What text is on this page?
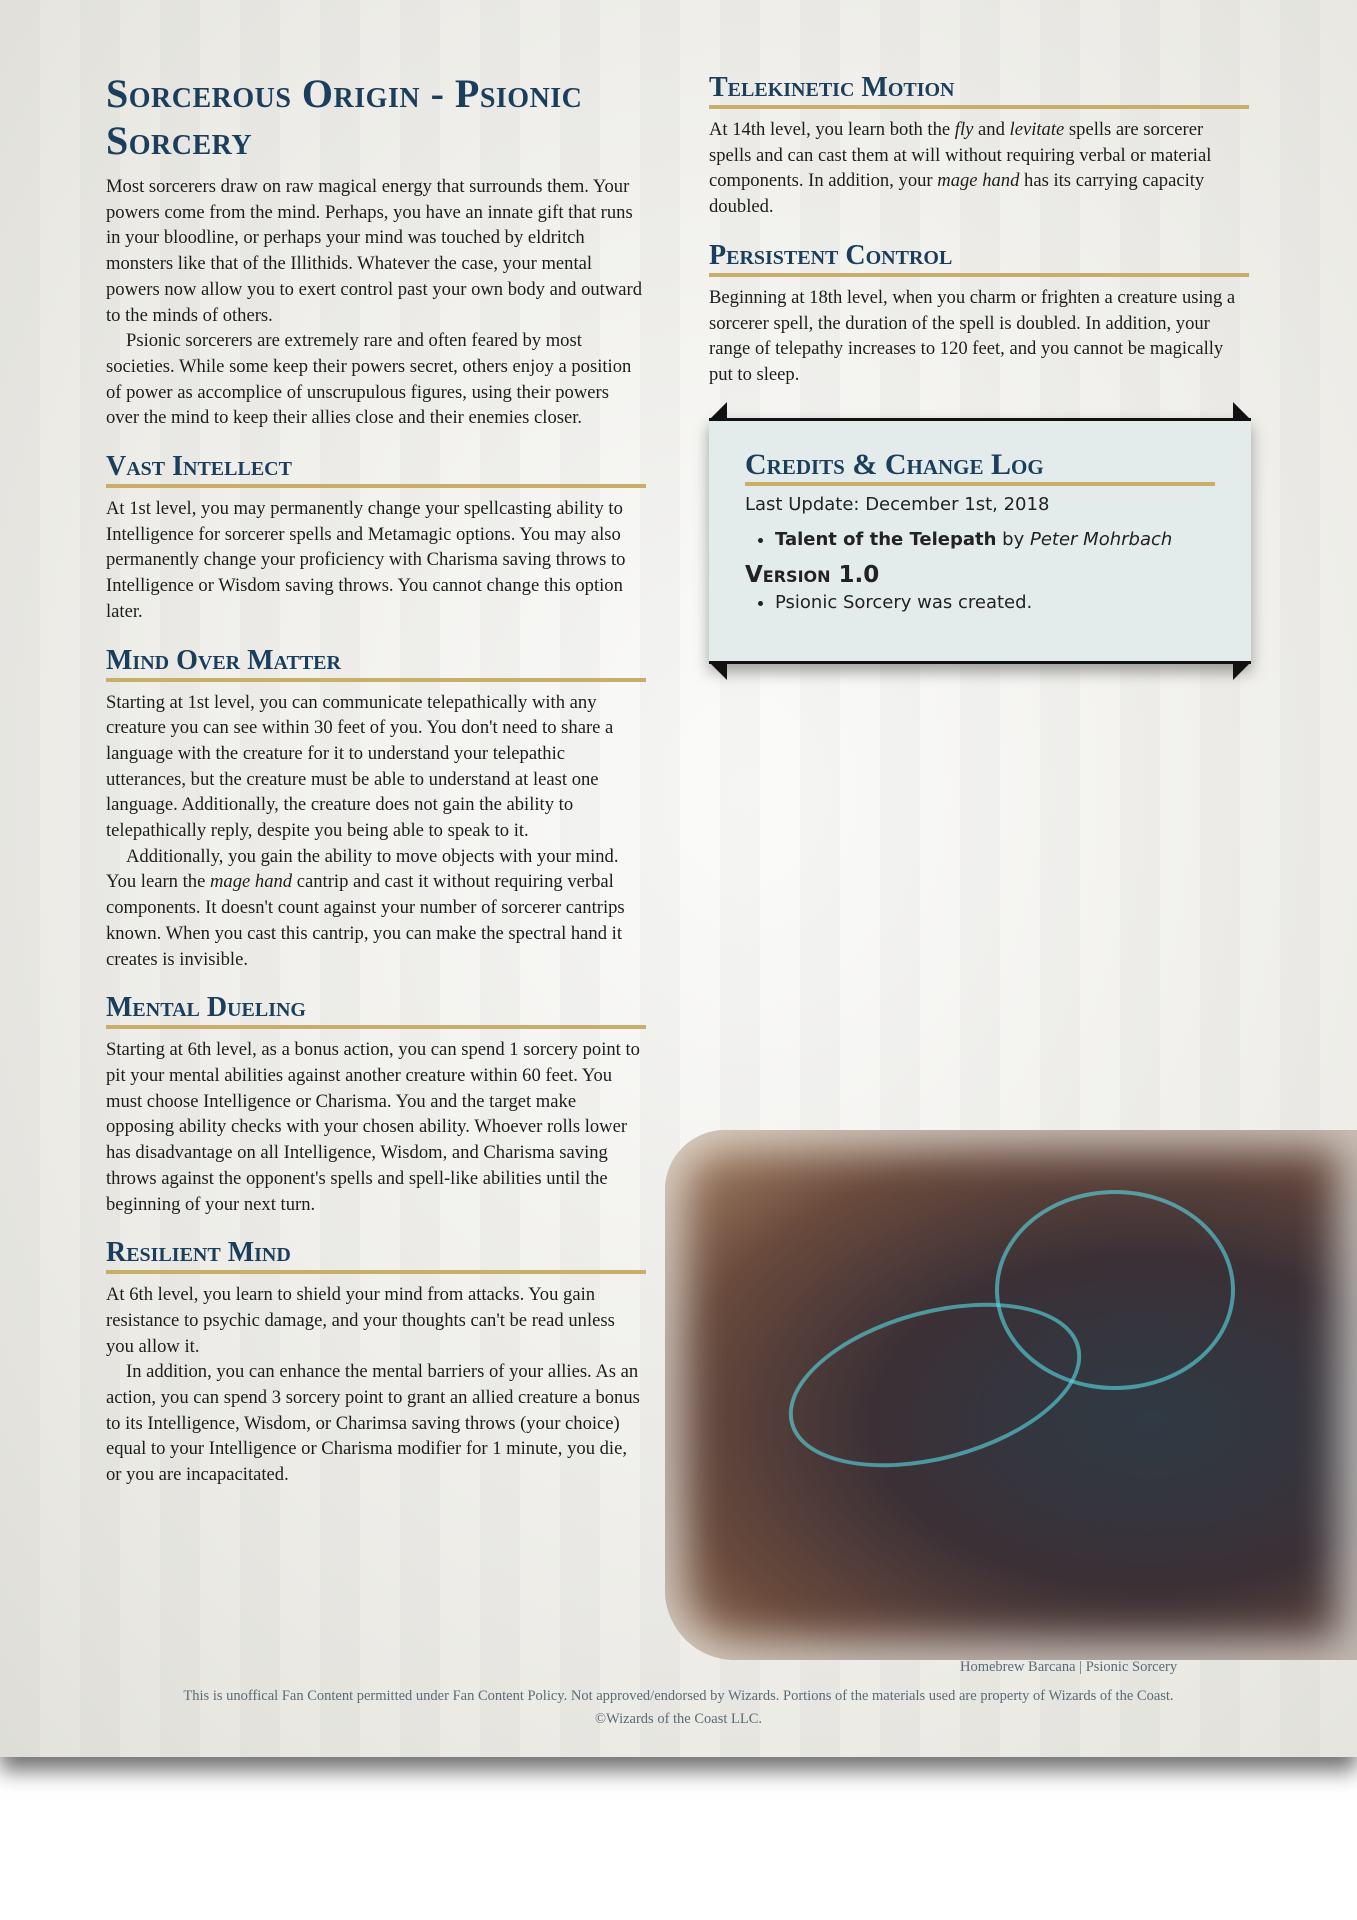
Sorcerous Origin - Psionic Sorcery

Most sorcerers draw on raw magical energy that surrounds them. Your powers come from the mind. Perhaps, you have an innate gift that runs in your bloodline, or perhaps your mind was touched by eldritch monsters like that of the Illithids. Whatever the case, your mental powers now allow you to exert control past your own body and outward to the minds of others.

Psionic sorcerers are extremely rare and often feared by most societies. While some keep their powers secret, others enjoy a position of power as accomplice of unscrupulous figures, using their powers over the mind to keep their allies close and their enemies closer.

Vast Intellect

At 1st level, you may permanently change your spellcasting ability to Intelligence for sorcerer spells and Metamagic options. You may also permanently change your proficiency with Charisma saving throws to Intelligence or Wisdom saving throws. You cannot change this option later.

Mind Over Matter

Starting at 1st level, you can communicate telepathically with any creature you can see within 30 feet of you. You don't need to share a language with the creature for it to understand your telepathic utterances, but the creature must be able to understand at least one language. Additionally, the creature does not gain the ability to telepathically reply, despite you being able to speak to it.

Additionally, you gain the ability to move objects with your mind. You learn the mage hand cantrip and cast it without requiring verbal components. It doesn't count against your number of sorcerer cantrips known. When you cast this cantrip, you can make the spectral hand it creates is invisible.

Mental Dueling

Starting at 6th level, as a bonus action, you can spend 1 sorcery point to pit your mental abilities against another creature within 60 feet. You must choose Intelligence or Charisma. You and the target make opposing ability checks with your chosen ability. Whoever rolls lower has disadvantage on all Intelligence, Wisdom, and Charisma saving throws against the opponent's spells and spell-like abilities until the beginning of your next turn.

Resilient Mind

At 6th level, you learn to shield your mind from attacks. You gain resistance to psychic damage, and your thoughts can't be read unless you allow it.

In addition, you can enhance the mental barriers of your allies. As an action, you can spend 3 sorcery point to grant an allied creature a bonus to its Intelligence, Wisdom, or Charimsa saving throws (your choice) equal to your Intelligence or Charisma modifier for 1 minute, you die, or you are incapacitated.

Telekinetic Motion

At 14th level, you learn both the fly and levitate spells are sorcerer spells and can cast them at will without requiring verbal or material components. In addition, your mage hand has its carrying capacity doubled.

Persistent Control

Beginning at 18th level, when you charm or frighten a creature using a sorcerer spell, the duration of the spell is doubled. In addition, your range of telepathy increases to 120 feet, and you cannot be magically put to sleep.

Credits & Change Log
Last Update: December 1st, 2018
• Talent of the Telepath by Peter Mohrbach
Version 1.0
• Psionic Sorcery was created.
Homebrew Barcana | Psionic Sorcery
This is unoffical Fan Content permitted under Fan Content Policy. Not approved/endorsed by Wizards. Portions of the materials used are property of Wizards of the Coast.
©Wizards of the Coast LLC.
